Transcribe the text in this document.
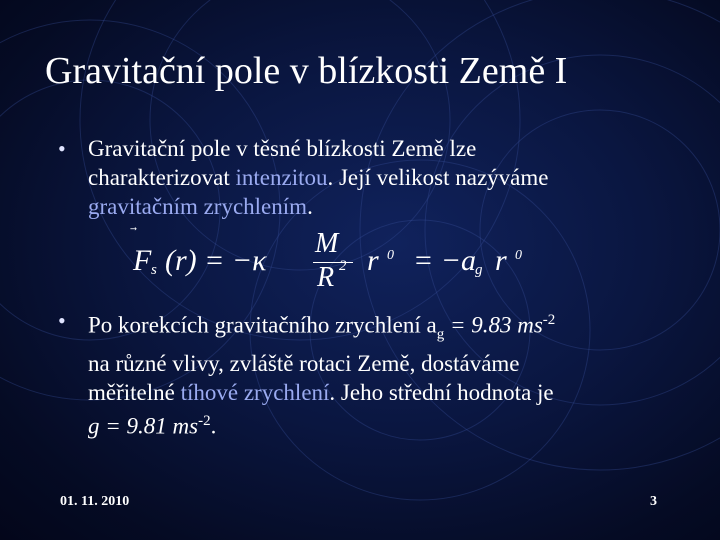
Gravitační pole v blízkosti Země I
• Gravitační pole v těsné blízkosti Země lze
charakterizovat intenzitou. Její velikost nazýváme
gravitačním zrychlením.
F s (r) = −κ
M
R 2 r 0 = −a g r 0
• Po korekcích gravitačního zrychlení $a_g = 9.83$ $ms^{-2}$
na různé vlivy, zvláště rotaci Země, dostáváme
měřitelné tíhové zrychlení. Jeho střední hodnota je
g = 9.81 $ms^{-2}$.
01. 11. 2010	3
